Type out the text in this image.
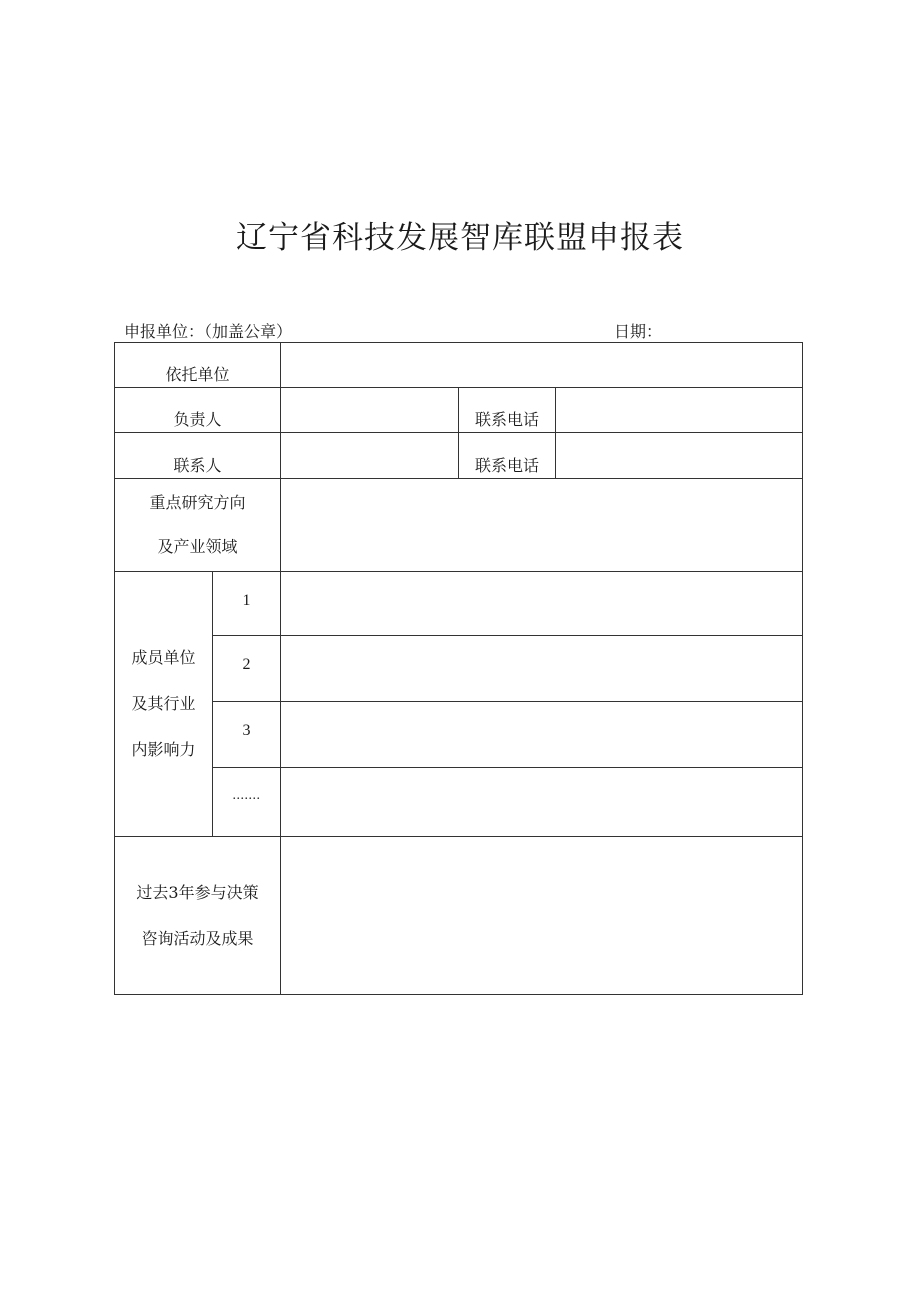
辽宁省科技发展智库联盟申报表
申报单位：（加盖公章）	日期：
依托单位				
负责人			联系电话	
联系人			联系电话	

重点研究方向
及产业领域				

成员单位
及其行业
内影响力	1			
	2			
	3			
	.......			

过去3年参与决策
咨询活动及成果				
